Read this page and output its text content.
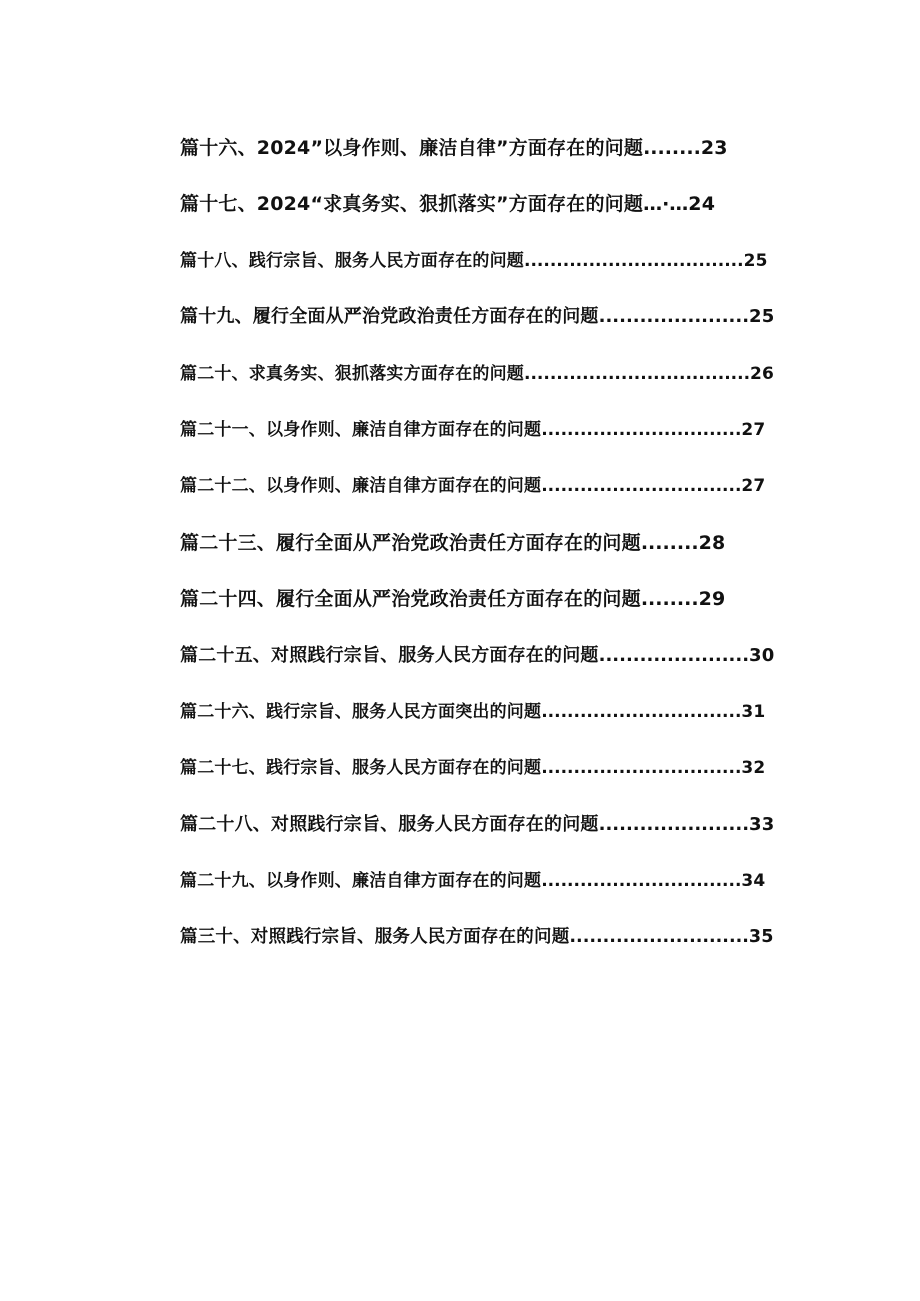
篇十六、2024”以身作则、廉洁自律”方面存在的问题 ........ 23
篇十七、2024“求真务实、狠抓落实”方面存在的问题 …·… 24
篇十八、践行宗旨、服务人民方面存在的问题 .................................. 25
篇十九、履行全面从严治党政治责任方面存在的问题 ...................... 25
篇二十、求真务实、狠抓落实方面存在的问题 ................................... 26
篇二十一、以身作则、廉洁自律方面存在的问题 ............................... 27
篇二十二、以身作则、廉洁自律方面存在的问题 ............................... 27
篇二十三、履行全面从严治党政治责任方面存在的问题 ........ 28
篇二十四、履行全面从严治党政治责任方面存在的问题 ........ 29
篇二十五、对照践行宗旨、服务人民方面存在的问题 ...................... 30
篇二十六、践行宗旨、服务人民方面突出的问题 ............................... 31
篇二十七、践行宗旨、服务人民方面存在的问题 ............................... 32
篇二十八、对照践行宗旨、服务人民方面存在的问题 ...................... 33
篇二十九、以身作则、廉洁自律方面存在的问题 ............................... 34
篇三十、对照践行宗旨、服务人民方面存在的问题 ........................... 35
